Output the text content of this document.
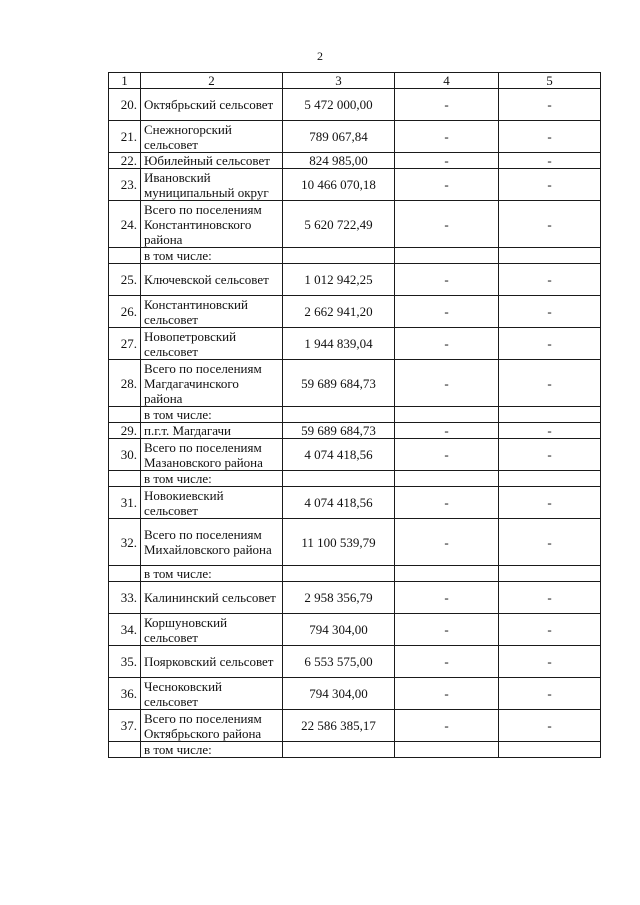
2
1	2	3	4	5
20.	Октябрьский сельсовет	5 472 000,00	-	-
21.	Снежногорский сельсовет	789 067,84	-	-
22.	Юбилейный сельсовет	824 985,00	-	-
23.	Ивановский муниципальный округ	10 466 070,18	-	-
24.	Всего по поселениям Константиновского района	5 620 722,49	-	-
	в том числе:			
25.	Ключевской сельсовет	1 012 942,25	-	-
26.	Константиновский сельсовет	2 662 941,20	-	-
27.	Новопетровский сельсовет	1 944 839,04	-	-
28.	Всего по поселениям Магдагачинского района	59 689 684,73	-	-
	в том числе:			
29.	п.г.т. Магдагачи	59 689 684,73	-	-
30.	Всего по поселениям Мазановского района	4 074 418,56	-	-
	в том числе:			
31.	Новокиевский сельсовет	4 074 418,56	-	-
32.	Всего по поселениям Михайловского района	11 100 539,79	-	-
	в том числе:			
33.	Калининский сельсовет	2 958 356,79	-	-
34.	Коршуновский сельсовет	794 304,00	-	-
35.	Поярковский сельсовет	6 553 575,00	-	-
36.	Чесноковский сельсовет	794 304,00	-	-
37.	Всего по поселениям Октябрьского района	22 586 385,17	-	-
	в том числе:			
